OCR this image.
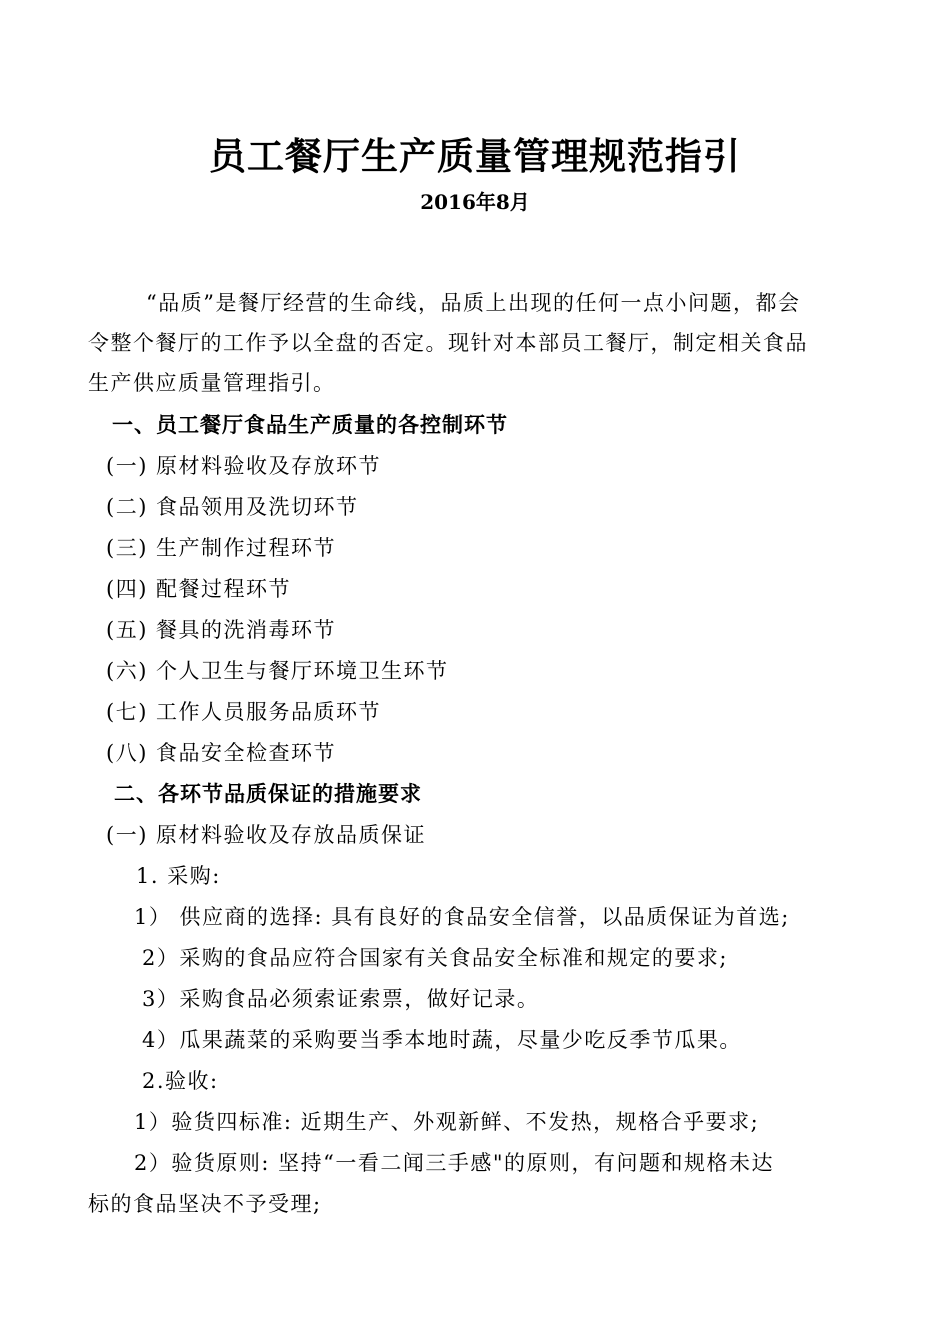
员工餐厅生产质量管理规范指引
2016年8月

“品质”是餐厅经营的生命线，品质上出现的任何一点小问题，都会

令整个餐厅的工作予以全盘的否定。现针对本部员工餐厅，制定相关食品

生产供应质量管理指引。

一、员工餐厅食品生产质量的各控制环节
(一) 原材料验收及存放环节
(二) 食品领用及洗切环节
(三) 生产制作过程环节
(四) 配餐过程环节
(五) 餐具的洗消毒环节
(六) 个人卫生与餐厅环境卫生环节
(七) 工作人员服务品质环节
(八) 食品安全检查环节
二、各环节品质保证的措施要求
(一) 原材料验收及存放品质保证
1. 采购:
1） 供应商的选择: 具有良好的食品安全信誉，以品质保证为首选;
2）采购的食品应符合国家有关食品安全标准和规定的要求;
3）采购食品必须索证索票，做好记录。
4）瓜果蔬菜的采购要当季本地时蔬，尽量少吃反季节瓜果。
2.验收:
1）验货四标准: 近期生产、外观新鲜、不发热，规格合乎要求;
2）验货原则: 坚持“一看二闻三手感"的原则，有问题和规格未达
标的食品坚决不予受理;
